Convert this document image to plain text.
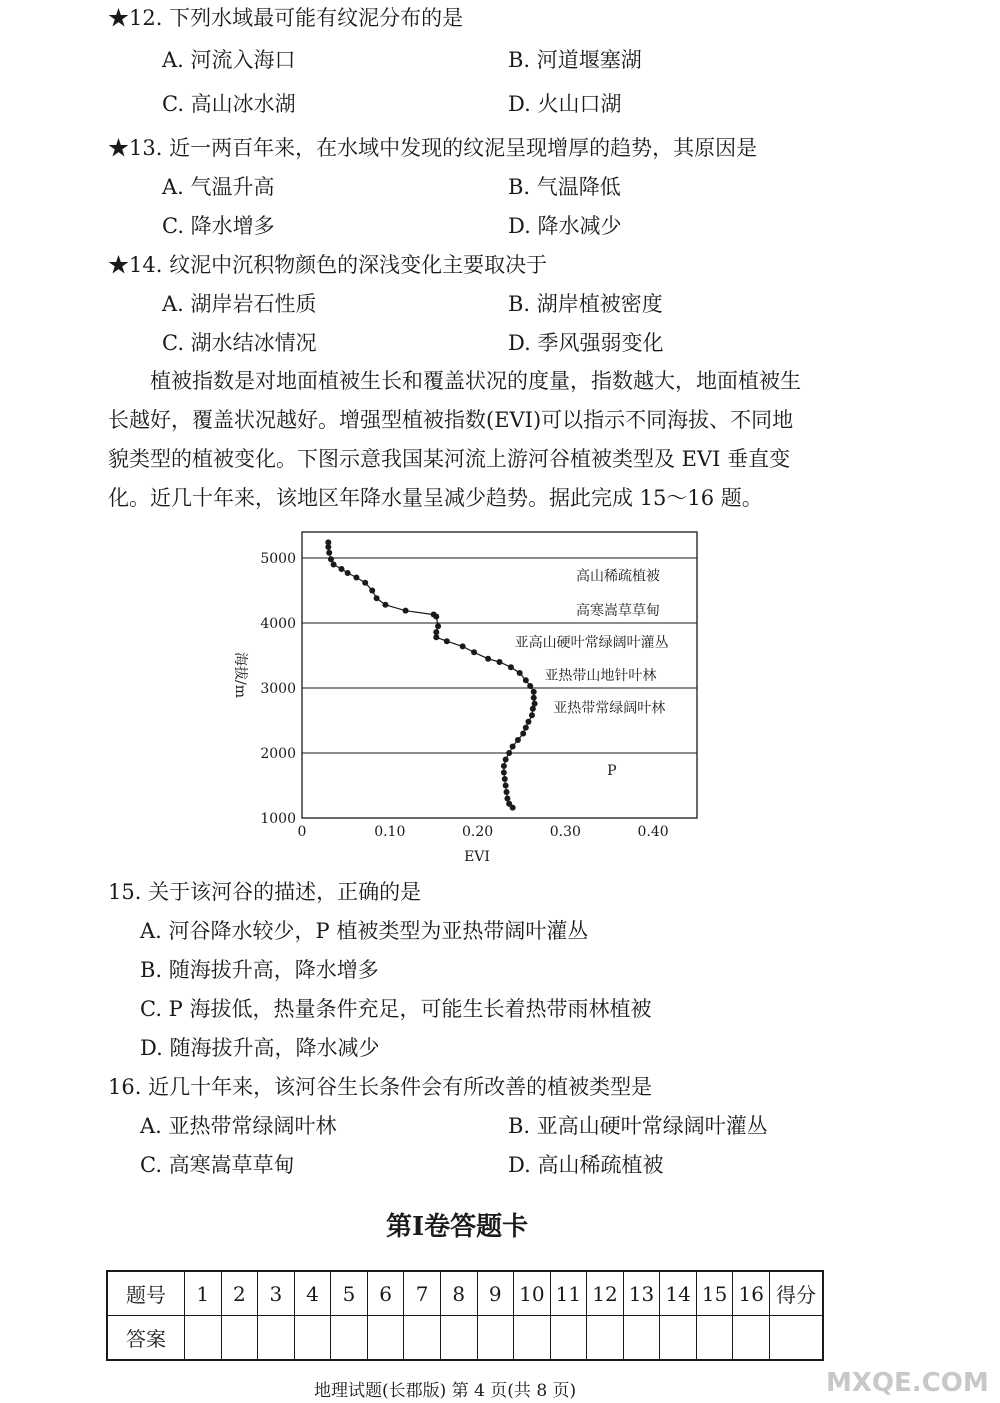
★12. 下列水域最可能有纹泥分布的是
A. 河流入海口	B. 河道堰塞湖
C. 高山冰水湖	D. 火山口湖
★13. 近一两百年来，在水域中发现的纹泥呈现增厚的趋势，其原因是
A. 气温升高	B. 气温降低
C. 降水增多	D. 降水减少
★14. 纹泥中沉积物颜色的深浅变化主要取决于
A. 湖岸岩石性质	B. 湖岸植被密度
C. 湖水结冰情况	D. 季风强弱变化

植被指数是对地面植被生长和覆盖状况的度量，指数越大，地面植被生

长越好，覆盖状况越好。增强型植被指数(EVI)可以指示不同海拔、不同地

貌类型的植被变化。下图示意我国某河流上游河谷植被类型及 EVI 垂直变

化。近几十年来，该地区年降水量呈减少趋势。据此完成 15～16 题。

1000
2000
3000
4000
5000
0	0.10	0.20	0.30	0.40
EVI
海拔/m
高山稀疏植被
高寒嵩草草甸
亚高山硬叶常绿阔叶灌丛
亚热带山地针叶林
亚热带常绿阔叶林
P
15. 关于该河谷的描述，正确的是
A. 河谷降水较少，P 植被类型为亚热带阔叶灌丛
B. 随海拔升高，降水增多
C. P 海拔低，热量条件充足，可能生长着热带雨林植被
D. 随海拔升高，降水减少
16. 近几十年来，该河谷生长条件会有所改善的植被类型是
A. 亚热带常绿阔叶林	B. 亚高山硬叶常绿阔叶灌丛
C. 高寒嵩草草甸	D. 高山稀疏植被
第Ⅰ卷答题卡
题号	1	2	3	4	5	6	7	8	9	10	11	12	13	14	15	16	得分
答案																	
MXQE.COM
地理试题(长郡版) 第 4 页(共 8 页)
